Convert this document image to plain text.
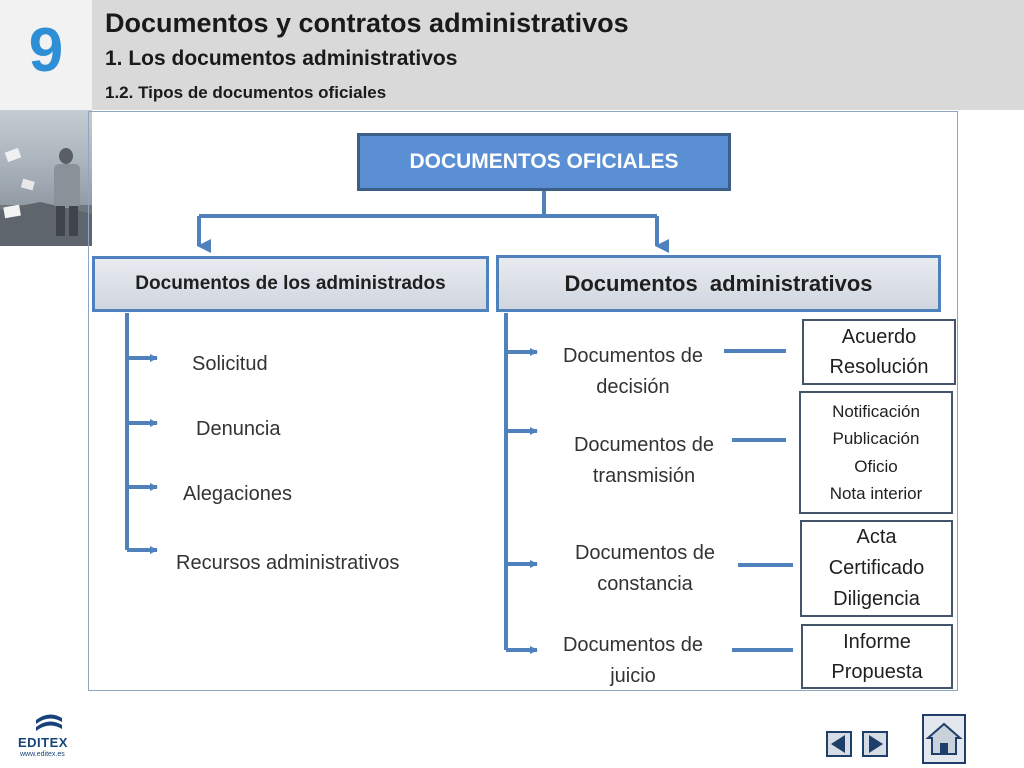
9	Documentos y contratos administrativos
1. Los documentos administrativos
1.2. Tipos de documentos oficiales
DOCUMENTOS OFICIALES
Documentos de los administrados	Documentos  administrativos
Solicitud
Denuncia
Alegaciones
Recursos administrativos
Documentos de
decisión
Documentos de
transmisión
Documentos de
constancia
Documentos de
juicio
Acuerdo
Resolución
Notificación
Publicación
Oficio
Nota interior
Acta
Certificado
Diligencia
Informe
Propuesta
EDITEX
www.editex.es
